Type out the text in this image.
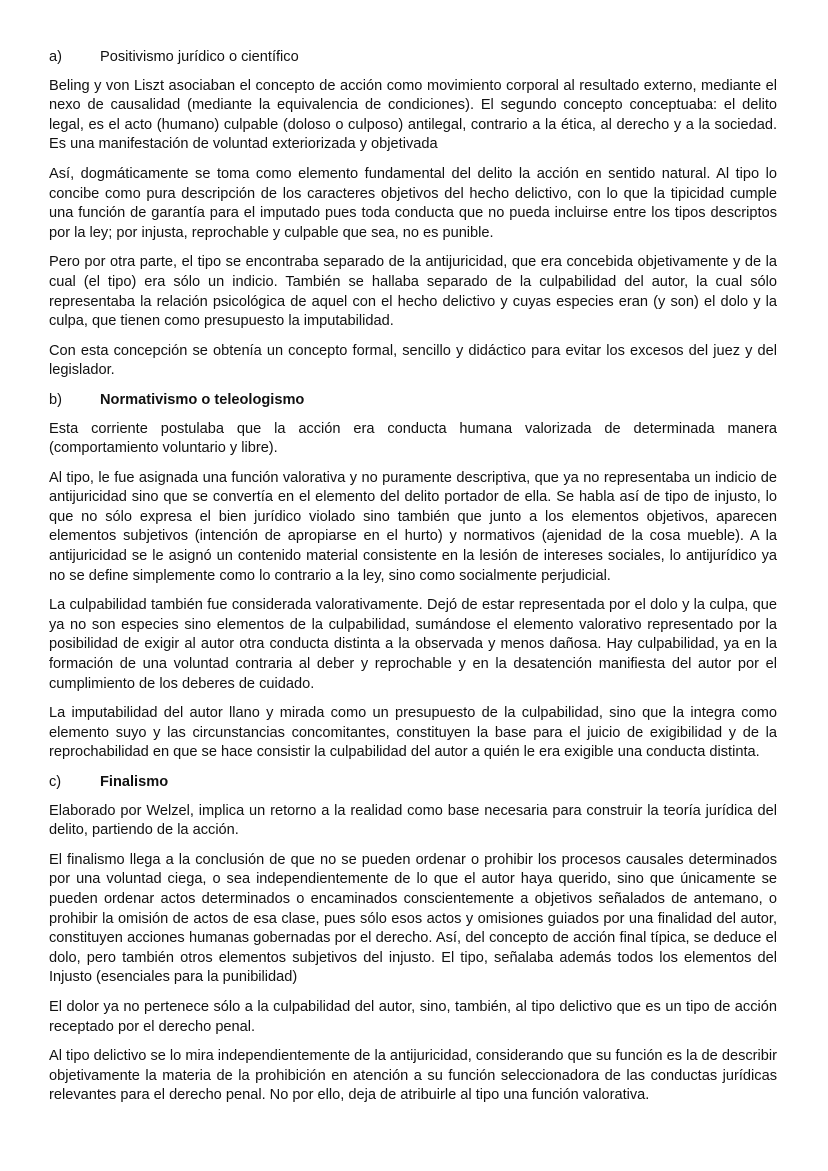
a)	Positivismo jurídico o científico

Beling y von Liszt asociaban el concepto de acción como movimiento corporal al resultado externo, mediante el nexo de causalidad (mediante la equivalencia de condiciones). El segundo concepto conceptuaba: el delito legal, es el acto (humano) culpable (doloso o culposo) antilegal, contrario a la ética, al derecho y a la sociedad. Es una manifestación de voluntad exteriorizada y objetivada

Así, dogmáticamente se toma como elemento fundamental del delito la acción en sentido natural. Al tipo lo concibe como pura descripción de los caracteres objetivos del hecho delictivo, con lo que la tipicidad cumple una función de garantía para el imputado pues toda conducta que no pueda incluirse entre los tipos descriptos por la ley; por injusta, reprochable y culpable que sea, no es punible.

Pero por otra parte, el tipo se encontraba separado de la antijuricidad, que era concebida objetivamente y de la cual (el tipo) era sólo un indicio. También se hallaba separado de la culpabilidad del autor, la cual sólo representaba la relación psicológica de aquel con el hecho delictivo y cuyas especies eran (y son) el dolo y la culpa, que tienen como presupuesto la imputabilidad.

Con esta concepción se obtenía un concepto formal, sencillo y didáctico para evitar los excesos del juez y del legislador.

b)	Normativismo o teleologismo

Esta corriente postulaba que la acción era conducta humana valorizada de determinada manera (comportamiento voluntario y libre).

Al tipo, le fue asignada una función valorativa y no puramente descriptiva, que ya no representaba un indicio de antijuricidad sino que se convertía en el elemento del delito portador de ella. Se habla así de tipo de injusto, lo que no sólo expresa el bien jurídico violado sino también que junto a los elementos objetivos, aparecen elementos subjetivos (intención de apropiarse en el hurto) y normativos (ajenidad de la cosa mueble). A la antijuricidad se le asignó un contenido material consistente en la lesión de intereses sociales, lo antijurídico ya no se define simplemente como lo contrario a la ley, sino como socialmente perjudicial.

La culpabilidad también fue considerada valorativamente. Dejó de estar representada por el dolo y la culpa, que ya no son especies sino elementos de la culpabilidad, sumándose el elemento valorativo representado por la posibilidad de exigir al autor otra conducta distinta a la observada y menos dañosa. Hay culpabilidad, ya en la formación de una voluntad contraria al deber y reprochable y en la desatención manifiesta del autor por el cumplimiento de los deberes de cuidado.

La imputabilidad del autor llano y mirada como un presupuesto de la culpabilidad, sino que la integra como elemento suyo y las circunstancias concomitantes, constituyen la base para el juicio de exigibilidad y de la reprochabilidad en que se hace consistir la culpabilidad del autor a quién le era exigible una conducta distinta.

c)	Finalismo

Elaborado por Welzel, implica un retorno a la realidad como base necesaria para construir la teoría jurídica del delito, partiendo de la acción.

El finalismo llega a la conclusión de que no se pueden ordenar o prohibir los procesos causales determinados por una voluntad ciega, o sea independientemente de lo que el autor haya querido, sino que únicamente se pueden ordenar actos determinados o encaminados conscientemente a objetivos señalados de antemano, o prohibir la omisión de actos de esa clase, pues sólo esos actos y omisiones guiados por una finalidad del autor, constituyen acciones humanas gobernadas por el derecho. Así, del concepto de acción final típica, se deduce el dolo, pero también otros elementos subjetivos del injusto. El tipo, señalaba además todos los elementos del Injusto (esenciales para la punibilidad)

El dolor ya no pertenece sólo a la culpabilidad del autor, sino, también, al tipo delictivo que es un tipo de acción receptado por el derecho penal.

Al tipo delictivo se lo mira independientemente de la antijuricidad, considerando que su función es la de describir objetivamente la materia de la prohibición en atención a su función seleccionadora de las conductas jurídicas relevantes para el derecho penal. No por ello, deja de atribuirle al tipo una función valorativa.
